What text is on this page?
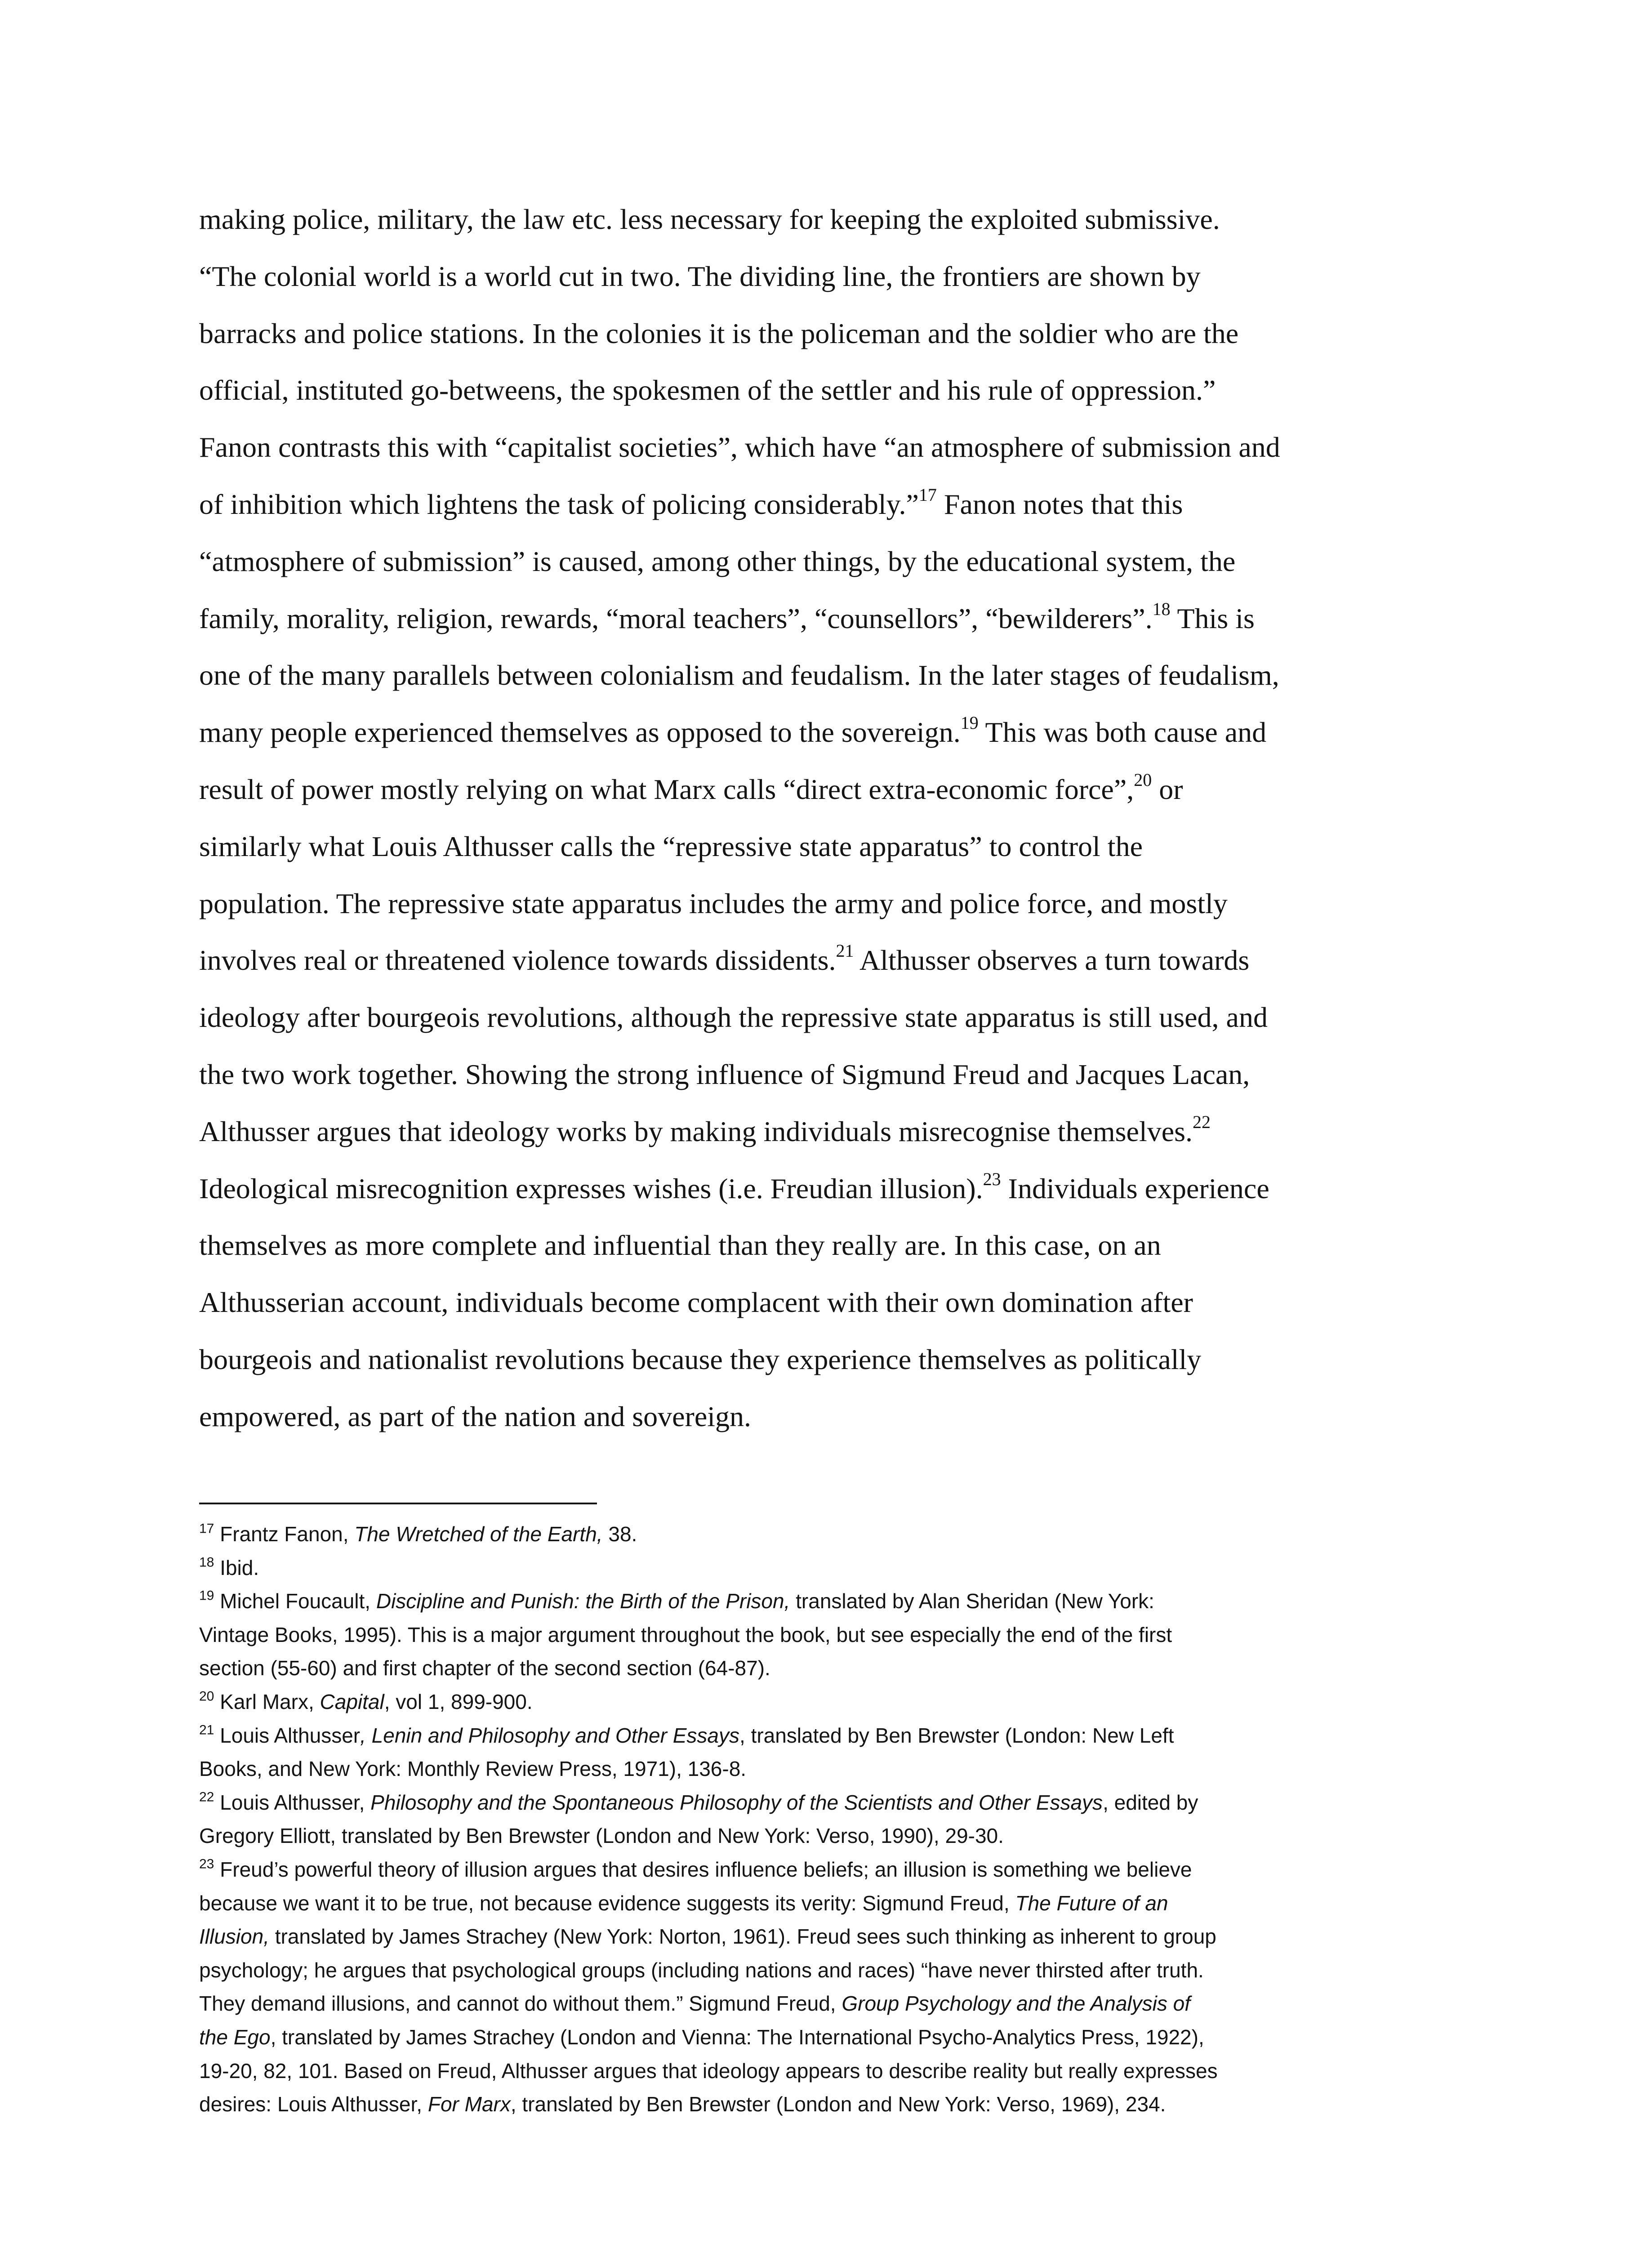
making police, military, the law etc. less necessary for keeping the exploited submissive.
“The colonial world is a world cut in two. The dividing line, the frontiers are shown by
barracks and police stations. In the colonies it is the policeman and the soldier who are the
official, instituted go-betweens, the spokesmen of the settler and his rule of oppression.”
Fanon contrasts this with “capitalist societies”, which have “an atmosphere of submission and
of inhibition which lightens the task of policing considerably.”$^{17}$ Fanon notes that this
“atmosphere of submission” is caused, among other things, by the educational system, the
family, morality, religion, rewards, “moral teachers”, “counsellors”, “bewilderers”.$^{18}$ This is
one of the many parallels between colonialism and feudalism. In the later stages of feudalism,
many people experienced themselves as opposed to the sovereign.$^{19}$ This was both cause and
result of power mostly relying on what Marx calls “direct extra-economic force”,$^{20}$ or
similarly what Louis Althusser calls the “repressive state apparatus” to control the
population. The repressive state apparatus includes the army and police force, and mostly
involves real or threatened violence towards dissidents.$^{21}$ Althusser observes a turn towards
ideology after bourgeois revolutions, although the repressive state apparatus is still used, and
the two work together. Showing the strong influence of Sigmund Freud and Jacques Lacan,
Althusser argues that ideology works by making individuals misrecognise themselves.$^{22}$
Ideological misrecognition expresses wishes (i.e. Freudian illusion).$^{23}$ Individuals experience
themselves as more complete and influential than they really are. In this case, on an
Althusserian account, individuals become complacent with their own domination after
bourgeois and nationalist revolutions because they experience themselves as politically
empowered, as part of the nation and sovereign.
$^{17}$ Frantz Fanon, The Wretched of the Earth, 38.
$^{18}$ Ibid.
$^{19}$ Michel Foucault, Discipline and Punish: the Birth of the Prison, translated by Alan Sheridan (New York:
Vintage Books, 1995). This is a major argument throughout the book, but see especially the end of the first
section (55-60) and first chapter of the second section (64-87).
$^{20}$ Karl Marx, Capital, vol 1, 899-900.
$^{21}$ Louis Althusser, Lenin and Philosophy and Other Essays, translated by Ben Brewster (London: New Left
Books, and New York: Monthly Review Press, 1971), 136-8.
$^{22}$ Louis Althusser, Philosophy and the Spontaneous Philosophy of the Scientists and Other Essays, edited by
Gregory Elliott, translated by Ben Brewster (London and New York: Verso, 1990), 29-30.
$^{23}$ Freud’s powerful theory of illusion argues that desires influence beliefs; an illusion is something we believe
because we want it to be true, not because evidence suggests its verity: Sigmund Freud, The Future of an
Illusion, translated by James Strachey (New York: Norton, 1961). Freud sees such thinking as inherent to group
psychology; he argues that psychological groups (including nations and races) “have never thirsted after truth.
They demand illusions, and cannot do without them.” Sigmund Freud, Group Psychology and the Analysis of
the Ego, translated by James Strachey (London and Vienna: The International Psycho-Analytics Press, 1922),
19-20, 82, 101. Based on Freud, Althusser argues that ideology appears to describe reality but really expresses
desires: Louis Althusser, For Marx, translated by Ben Brewster (London and New York: Verso, 1969), 234.
